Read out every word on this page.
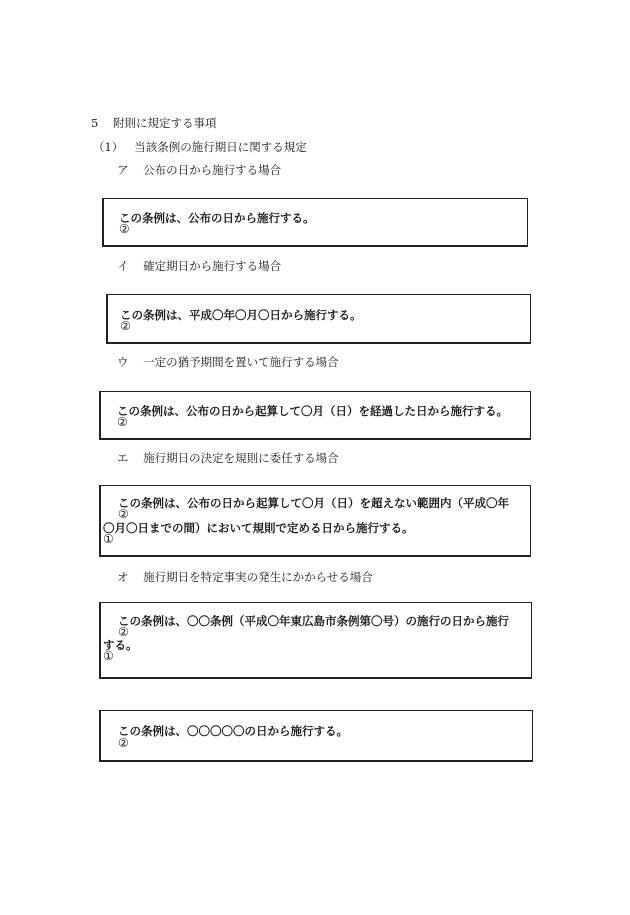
5 附則に規定する事項
（1） 当該条例の施行期日に関する規定
ア 公布の日から施行する場合
この条例は、公布の日から施行する。
②
イ 確定期日から施行する場合
この条例は、平成〇年〇月〇日から施行する。
②
ウ 一定の猶予期間を置いて施行する場合
この条例は、公布の日から起算して〇月（日）を経過した日から施行する。
②
エ 施行期日の決定を規則に委任する場合
この条例は、公布の日から起算して〇月（日）を超えない範囲内（平成〇年
②
〇月〇日までの間）において規則で定める日から施行する。
①
オ 施行期日を特定事実の発生にかからせる場合
この条例は、〇〇条例（平成〇年東広島市条例第〇号）の施行の日から施行
②
する。
①
この条例は、〇〇〇〇〇の日から施行する。
②
